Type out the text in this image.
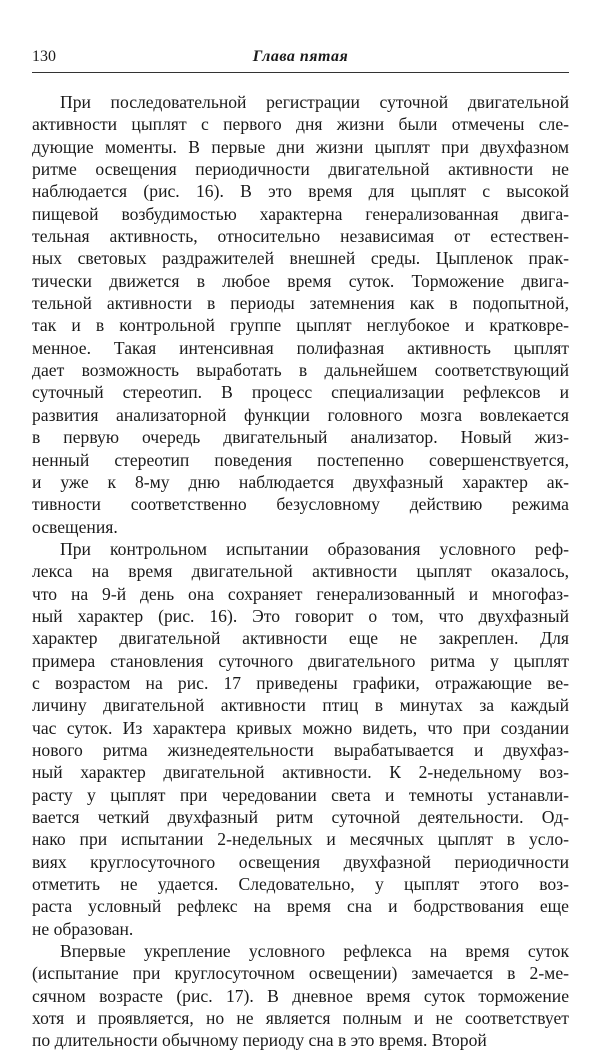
130	Глава пятая
При последовательной регистрации суточной двигательной
активности цыплят с первого дня жизни были отмечены сле-
дующие моменты. В первые дни жизни цыплят при двухфазном
ритме освещения периодичности двигательной активности не
наблюдается (рис. 16). В это время для цыплят с высокой
пищевой возбудимостью характерна генерализованная двига-
тельная активность, относительно независимая от естествен-
ных световых раздражителей внешней среды. Цыпленок прак-
тически движется в любое время суток. Торможение двига-
тельной активности в периоды затемнения как в подопытной,
так и в контрольной группе цыплят неглубокое и кратковре-
менное. Такая интенсивная полифазная активность цыплят
дает возможность выработать в дальнейшем соответствующий
суточный стереотип. В процесс специализации рефлексов и
развития анализаторной функции головного мозга вовлекается
в первую очередь двигательный анализатор. Новый жиз-
ненный стереотип поведения постепенно совершенствуется,
и уже к 8-му дню наблюдается двухфазный характер ак-
тивности соответственно безусловному действию режима
освещения.
При контрольном испытании образования условного реф-
лекса на время двигательной активности цыплят оказалось,
что на 9-й день она сохраняет генерализованный и многофаз-
ный характер (рис. 16). Это говорит о том, что двухфазный
характер двигательной активности еще не закреплен. Для
примера становления суточного двигательного ритма у цыплят
с возрастом на рис. 17 приведены графики, отражающие ве-
личину двигательной активности птиц в минутах за каждый
час суток. Из характера кривых можно видеть, что при создании
нового ритма жизнедеятельности вырабатывается и двухфаз-
ный характер двигательной активности. К 2-недельному воз-
расту у цыплят при чередовании света и темноты устанавли-
вается четкий двухфазный ритм суточной деятельности. Од-
нако при испытании 2-недельных и месячных цыплят в усло-
виях круглосуточного освещения двухфазной периодичности
отметить не удается. Следовательно, у цыплят этого воз-
раста условный рефлекс на время сна и бодрствования еще
не образован.
Впервые укрепление условного рефлекса на время суток
(испытание при круглосуточном освещении) замечается в 2-ме-
сячном возрасте (рис. 17). В дневное время суток торможение
хотя и проявляется, но не является полным и не соответствует
по длительности обычному периоду сна в это время. Второй
